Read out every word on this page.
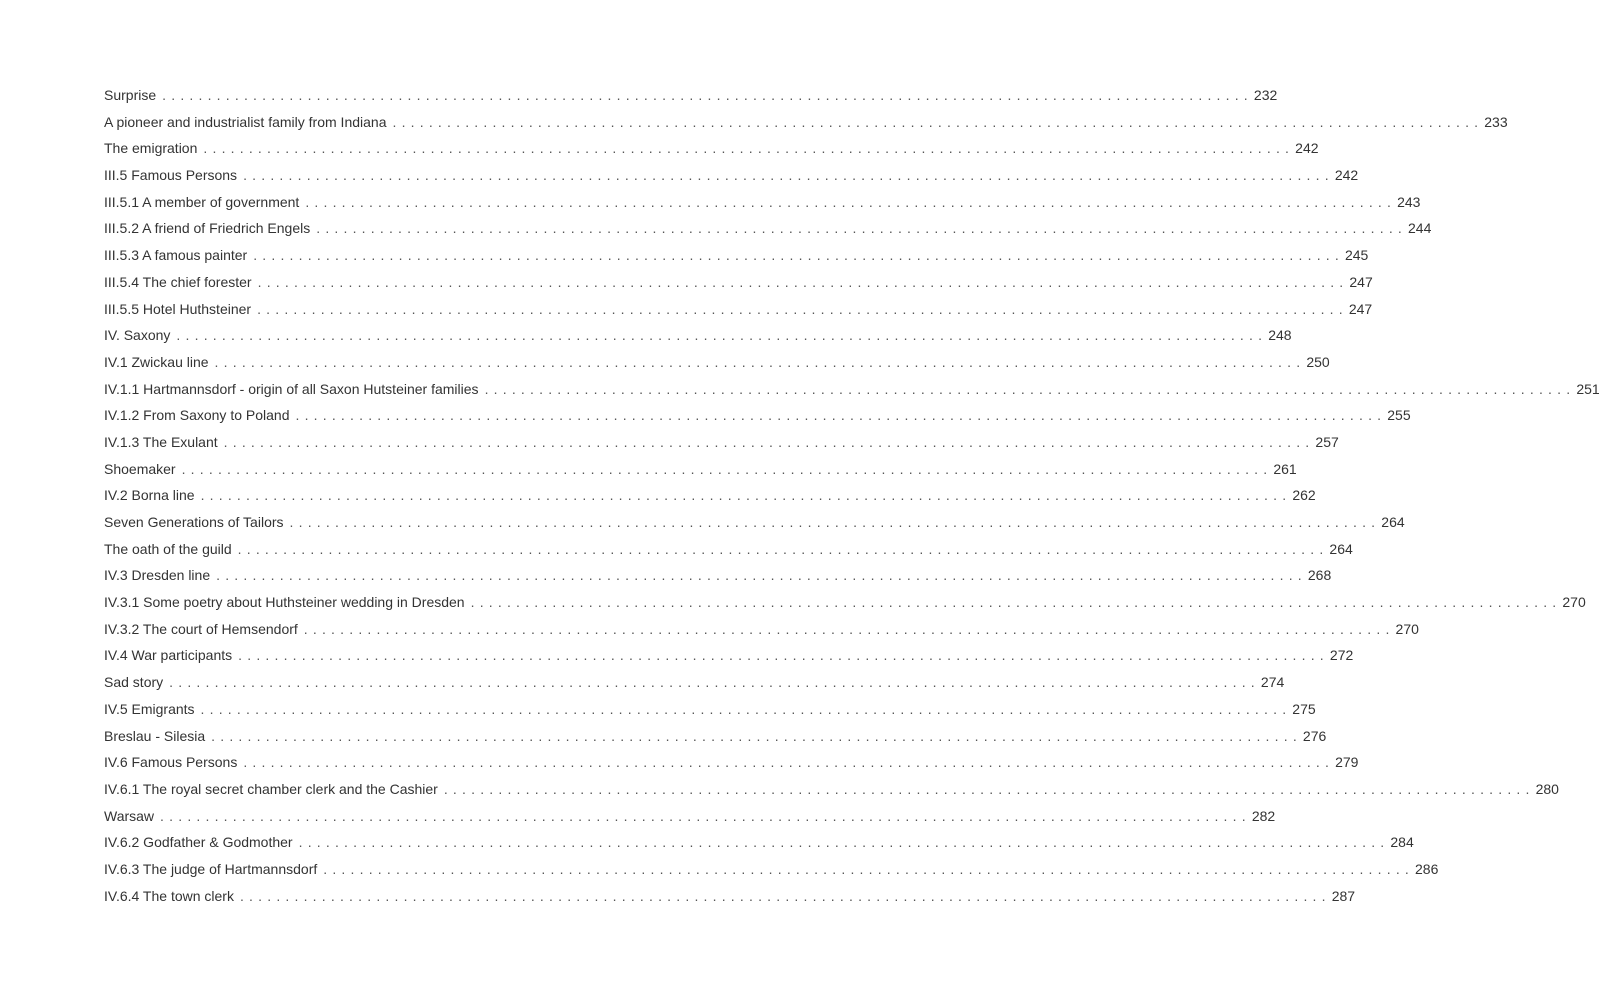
Surprise ........................................................................................................................ 232
A pioneer and industrialist family from Indiana ........................................................................................................................ 233
The emigration ........................................................................................................................ 242
III.5 Famous Persons ........................................................................................................................ 242
III.5.1 A member of government ........................................................................................................................ 243
III.5.2 A friend of Friedrich Engels ........................................................................................................................ 244
III.5.3 A famous painter ........................................................................................................................ 245
III.5.4 The chief forester ........................................................................................................................ 247
III.5.5 Hotel Huthsteiner ........................................................................................................................ 247
IV. Saxony ........................................................................................................................ 248
IV.1 Zwickau line ........................................................................................................................ 250
IV.1.1 Hartmannsdorf - origin of all Saxon Hutsteiner families ........................................................................................................................ 251
IV.1.2 From Saxony to Poland ........................................................................................................................ 255
IV.1.3 The Exulant ........................................................................................................................ 257
Shoemaker ........................................................................................................................ 261
IV.2 Borna line ........................................................................................................................ 262
Seven Generations of Tailors ........................................................................................................................ 264
The oath of the guild ........................................................................................................................ 264
IV.3 Dresden line ........................................................................................................................ 268
IV.3.1 Some poetry about Huthsteiner wedding in Dresden ........................................................................................................................ 270
IV.3.2 The court of Hemsendorf ........................................................................................................................ 270
IV.4 War participants ........................................................................................................................ 272
Sad story ........................................................................................................................ 274
IV.5 Emigrants ........................................................................................................................ 275
Breslau - Silesia ........................................................................................................................ 276
IV.6 Famous Persons ........................................................................................................................ 279
IV.6.1 The royal secret chamber clerk and the Cashier ........................................................................................................................ 280
Warsaw ........................................................................................................................ 282
IV.6.2 Godfather & Godmother ........................................................................................................................ 284
IV.6.3 The judge of Hartmannsdorf ........................................................................................................................ 286
IV.6.4 The town clerk ........................................................................................................................ 287
